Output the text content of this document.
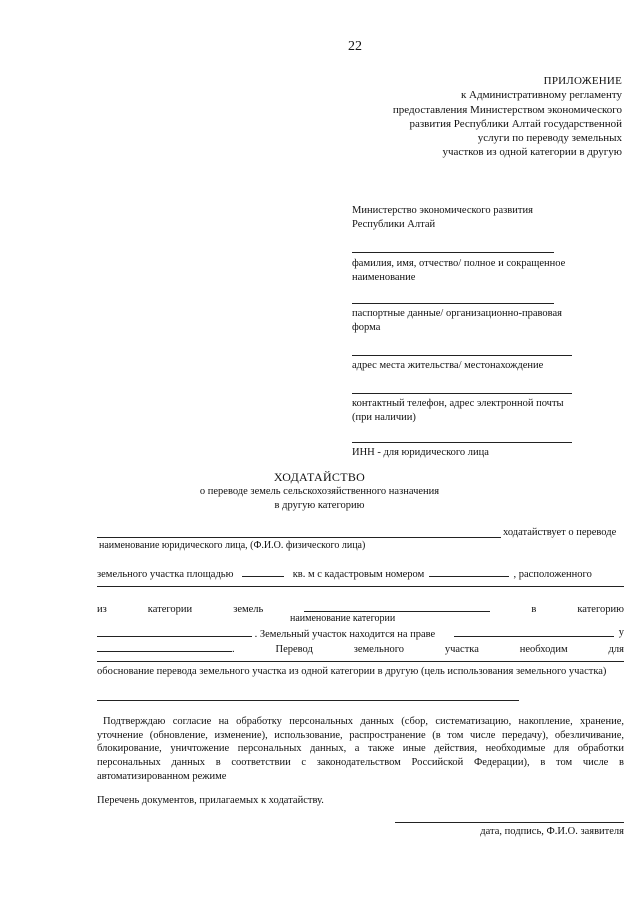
22
ПРИЛОЖЕНИЕ
к Административному регламенту
предоставления Министерством экономического
развития Республики Алтай государственной
услуги по переводу земельных
участков из одной категории в другую
Министерство экономического развития
Республики Алтай
фамилия, имя, отчество/ полное и сокращенное наименование
паспортные данные/ организационно-правовая форма
адрес места жительства/ местонахождение
контактный телефон, адрес электронной почты (при наличии)
ИНН - для юридического лица
ХОДАТАЙСТВО
о переводе земель сельскохозяйственного назначения
в другую категорию
ходатайствует о переводе
наименование юридического лица, (Ф.И.О. физического лица)
земельного участка площадью	кв. м с кадастровым номером	, расположенного
из	категории	земель	в	категорию
наименование категории
. Земельный участок находится на праве	у
.	Перевод	земельного	участка	необходим	для
обоснование перевода земельного участка из одной категории в другую (цель использования земельного участка)
Подтверждаю согласие на обработку персональных данных (сбор, систематизацию, накопление, хранение, уточнение (обновление, изменение), использование, распространение (в том числе передачу), обезличивание, блокирование, уничтожение персональных данных, а также иные действия, необходимые для обработки персональных данных в соответствии с законодательством Российской Федерации), в том числе в автоматизированном режиме
Перечень документов, прилагаемых к ходатайству.
дата, подпись, Ф.И.О. заявителя
